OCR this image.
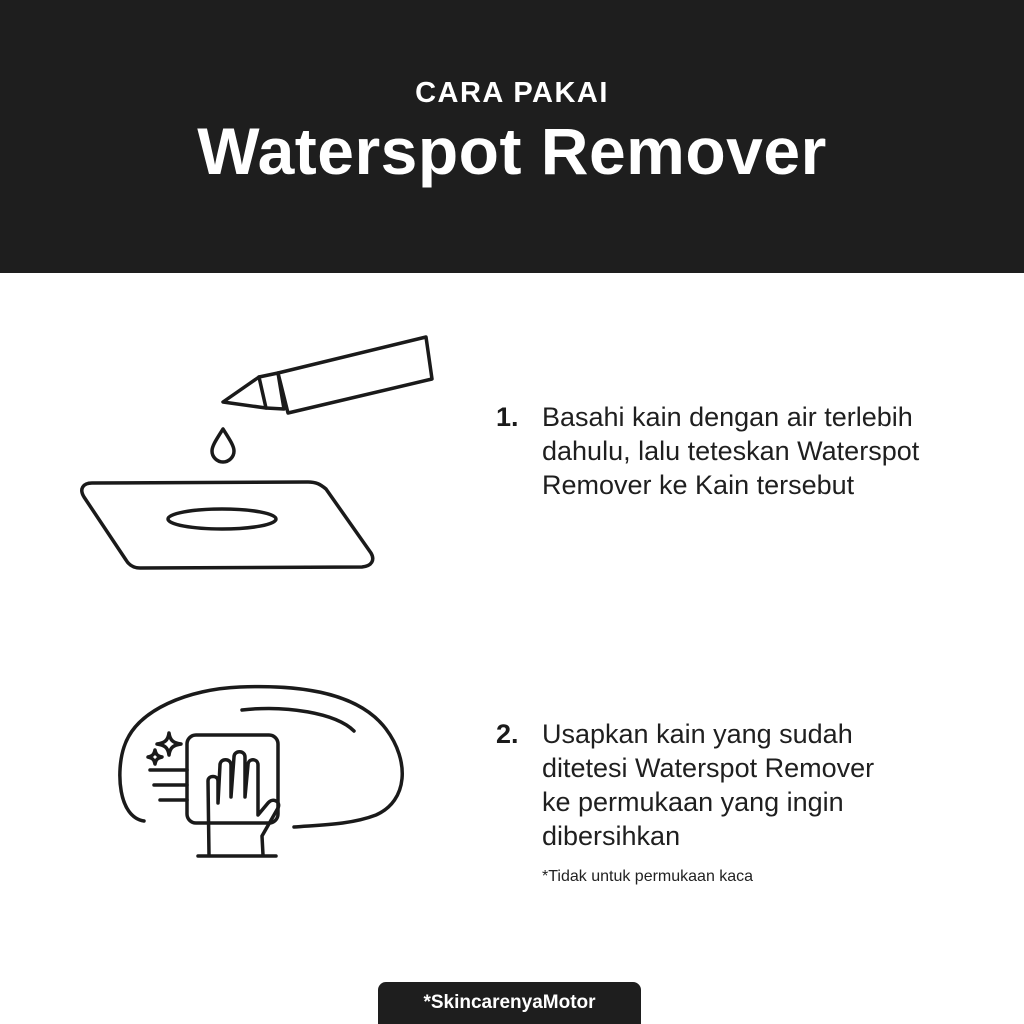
CARA PAKAI
Waterspot Remover
1. Basahi kain dengan air terlebih
dahulu, lalu teteskan Waterspot
Remover ke Kain tersebut
2. Usapkan kain yang sudah
ditetesi Waterspot Remover
ke permukaan yang ingin
dibersihkan
*Tidak untuk permukaan kaca
*SkincarenyaMotor
